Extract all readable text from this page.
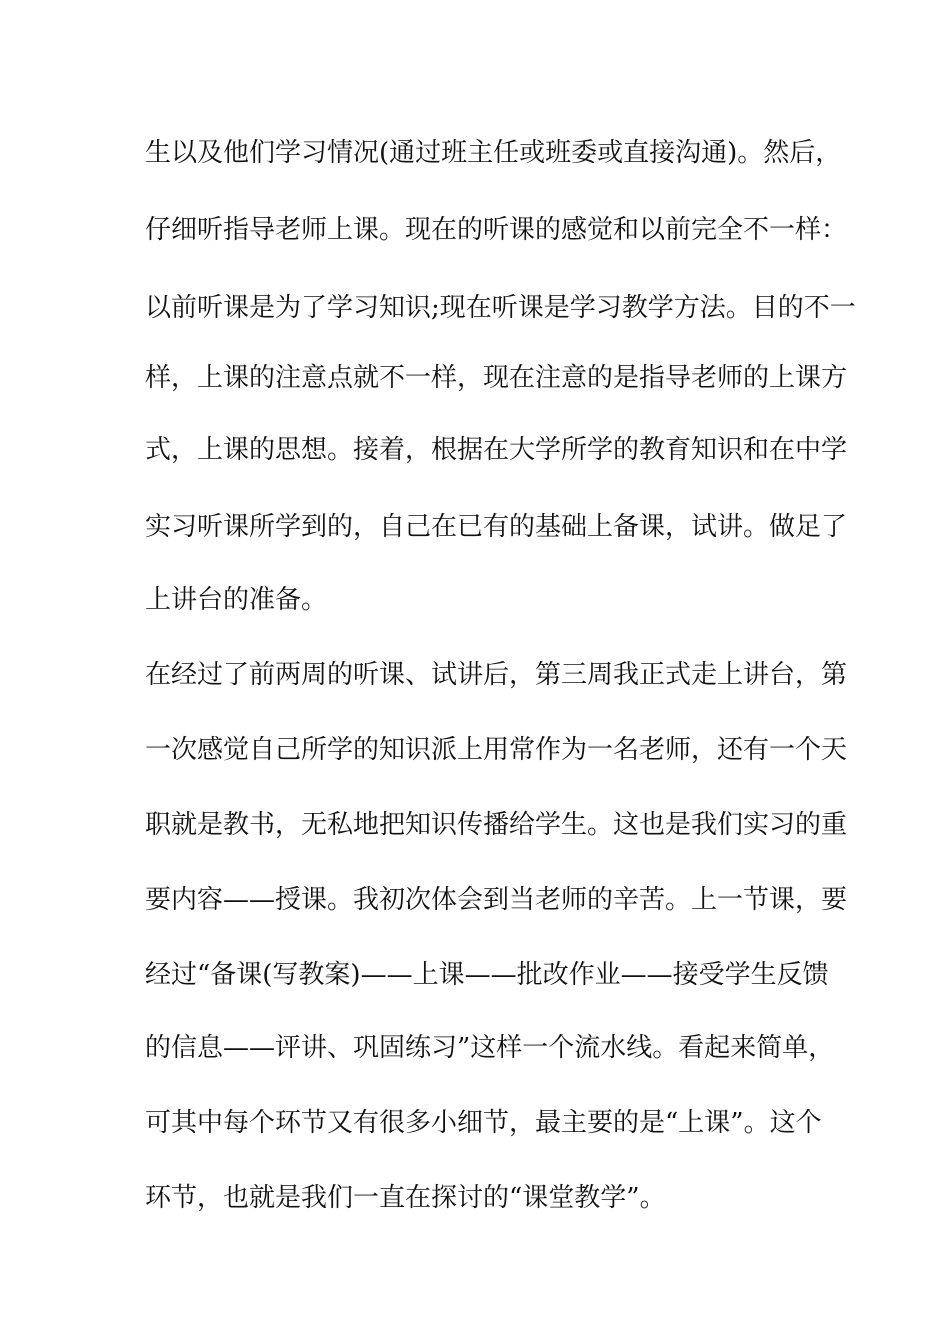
生以及他们学习情况(通过班主任或班委或直接沟通)。然后，
仔细听指导老师上课。现在的听课的感觉和以前完全不一样：
以前听课是为了学习知识;现在听课是学习教学方法。目的不一
样，上课的注意点就不一样，现在注意的是指导老师的上课方
式，上课的思想。接着，根据在大学所学的教育知识和在中学
实习听课所学到的，自己在已有的基础上备课，试讲。做足了
上讲台的准备。
在经过了前两周的听课、试讲后，第三周我正式走上讲台，第
一次感觉自己所学的知识派上用常作为一名老师，还有一个天
职就是教书，无私地把知识传播给学生。这也是我们实习的重
要内容——授课。我初次体会到当老师的辛苦。上一节课，要
经过“备课(写教案)——上课——批改作业——接受学生反馈
的信息——评讲、巩固练习”这样一个流水线。看起来简单，
可其中每个环节又有很多小细节，最主要的是“上课”。这个
环节，也就是我们一直在探讨的“课堂教学”。
